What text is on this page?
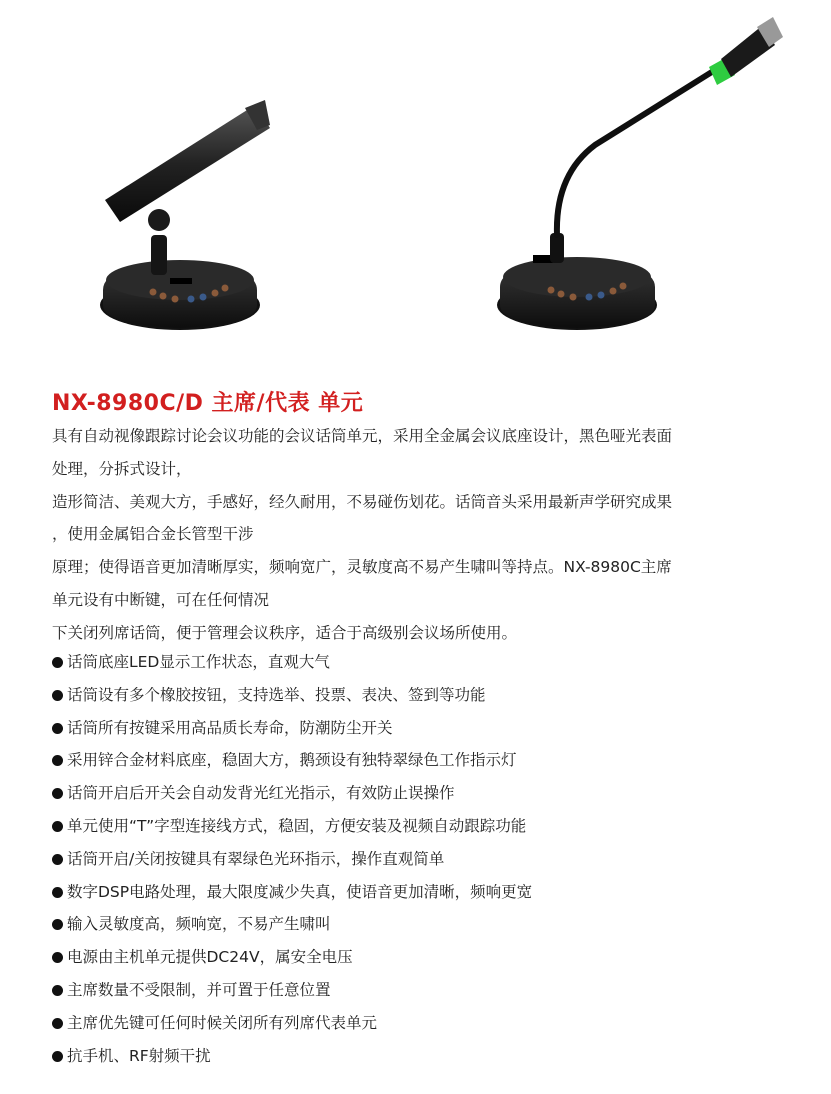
NX-8980C/D 主席/代表 单元
具有自动视像跟踪讨论会议功能的会议话筒单元，采用全金属会议底座设计，黑色哑光表面
处理，分拆式设计，
造形简洁、美观大方，手感好，经久耐用，不易碰伤划花。话筒音头采用最新声学研究成果
，使用金属铝合金长管型干涉
原理；使得语音更加清晰厚实，频响宽广，灵敏度高不易产生啸叫等持点。NX-8980C主席
单元设有中断键，可在任何情况
下关闭列席话筒，便于管理会议秩序，适合于高级别会议场所使用。
话筒底座LED显示工作状态，直观大气
话筒设有多个橡胶按钮，支持选举、投票、表决、签到等功能
话筒所有按键采用高品质长寿命，防潮防尘开关
采用锌合金材料底座，稳固大方，鹅颈设有独特翠绿色工作指示灯
话筒开启后开关会自动发背光红光指示，有效防止误操作
单元使用“T”字型连接线方式，稳固，方便安装及视频自动跟踪功能
话筒开启/关闭按键具有翠绿色光环指示，操作直观简单
数字DSP电路处理，最大限度减少失真，使语音更加清晰，频响更宽
输入灵敏度高，频响宽，不易产生啸叫
电源由主机单元提供DC24V，属安全电压
主席数量不受限制，并可置于任意位置
主席优先键可任何时候关闭所有列席代表单元
抗手机、RF射频干扰
